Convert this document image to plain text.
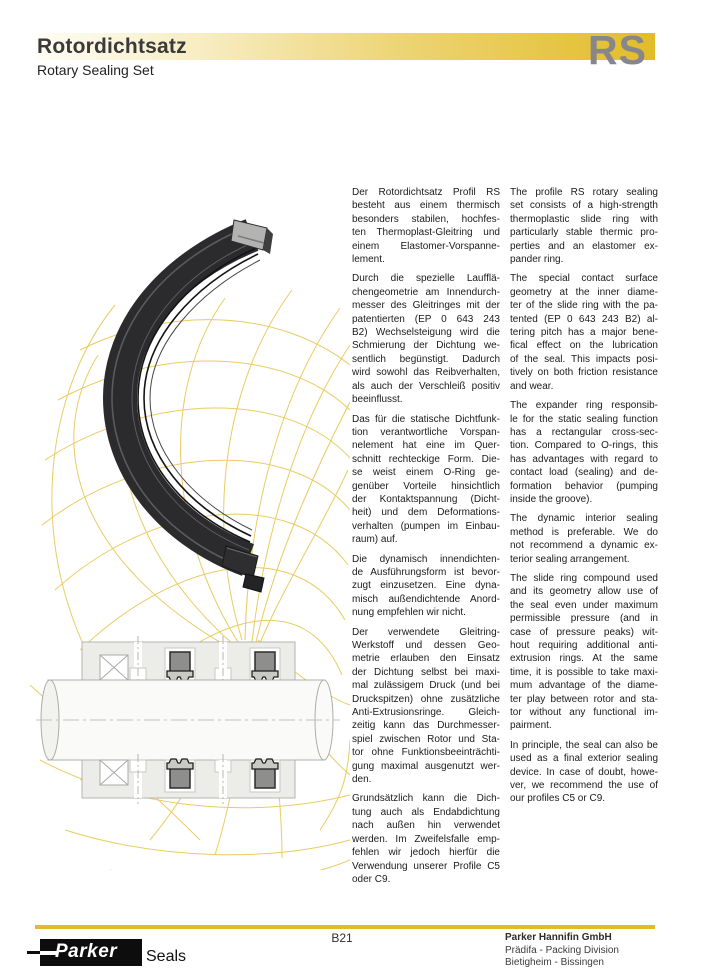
Rotordichtsatz
Rotary Sealing Set	RS
Der Rotordichtsatz Profil RS
besteht aus einem thermisch
besonders stabilen, hochfes-
ten Thermoplast-Gleitring und
einem Elastomer-Vorspanne-
lement.
Durch die spezielle Laufflä-
chengeometrie am Innendurch-
messer des Gleitringes mit der
patentierten (EP 0 643 243
B2) Wechselsteigung wird die
Schmierung der Dichtung we-
sentlich begünstigt. Dadurch
wird sowohl das Reibverhalten,
als auch der Verschleiß positiv
beeinflusst.
Das für die statische Dichtfunk-
tion verantwortliche Vorspan-
nelement hat eine im Quer-
schnitt rechteckige Form. Die-
se weist einem O-Ring ge-
genüber Vorteile hinsichtlich
der Kontaktspannung (Dicht-
heit) und dem Deformations-
verhalten (pumpen im Einbau-
raum) auf.
Die dynamisch innendichten-
de Ausführungsform ist bevor-
zugt einzusetzen. Eine dyna-
misch außendichtende Anord-
nung empfehlen wir nicht.
Der verwendete Gleitring-
Werkstoff und dessen Geo-
metrie erlauben den Einsatz
der Dichtung selbst bei maxi-
mal zulässigem Druck (und bei
Druckspitzen) ohne zusätzliche
Anti-Extrusionsringe. Gleich-
zeitig kann das Durchmesser-
spiel zwischen Rotor und Sta-
tor ohne Funktionsbeeinträchti-
gung maximal ausgenutzt wer-
den.
Grundsätzlich kann die Dich-
tung auch als Endabdichtung
nach außen hin verwendet
werden. Im Zweifelsfalle emp-
fehlen wir jedoch hierfür die
Verwendung unserer Profile C5
oder C9.
The profile RS rotary sealing
set consists of a high-strength
thermoplastic slide ring with
particularly stable thermic pro-
perties and an elastomer ex-
pander ring.
The special contact surface
geometry at the inner diame-
ter of the slide ring with the pa-
tented (EP 0 643 243 B2) al-
tering pitch has a major bene-
fical effect on the lubrication
of the seal. This impacts posi-
tively on both friction resistance
and wear.
The expander ring responsib-
le for the static sealing function
has a rectangular cross-sec-
tion. Compared to O-rings, this
has advantages with regard to
contact load (sealing) and de-
formation behavior (pumping
inside the groove).
The dynamic interior sealing
method is preferable. We do
not recommend a dynamic ex-
terior sealing arrangement.
The slide ring compound used
and its geometry allow use of
the seal even under maximum
permissible pressure (and in
case of pressure peaks) wit-
hout requiring additional anti-
extrusion rings. At the same
time, it is possible to take maxi-
mum advantage of the diame-
ter play between rotor and sta-
tor without any functional im-
pairment.
In principle, the seal can also be
used as a final exterior sealing
device. In case of doubt, howe-
ver, we recommend the use of
our profiles C5 or C9.
Parker Seals
B21	Parker Hannifin GmbH
Prädifa - Packing Division
Bietigheim - Bissingen
